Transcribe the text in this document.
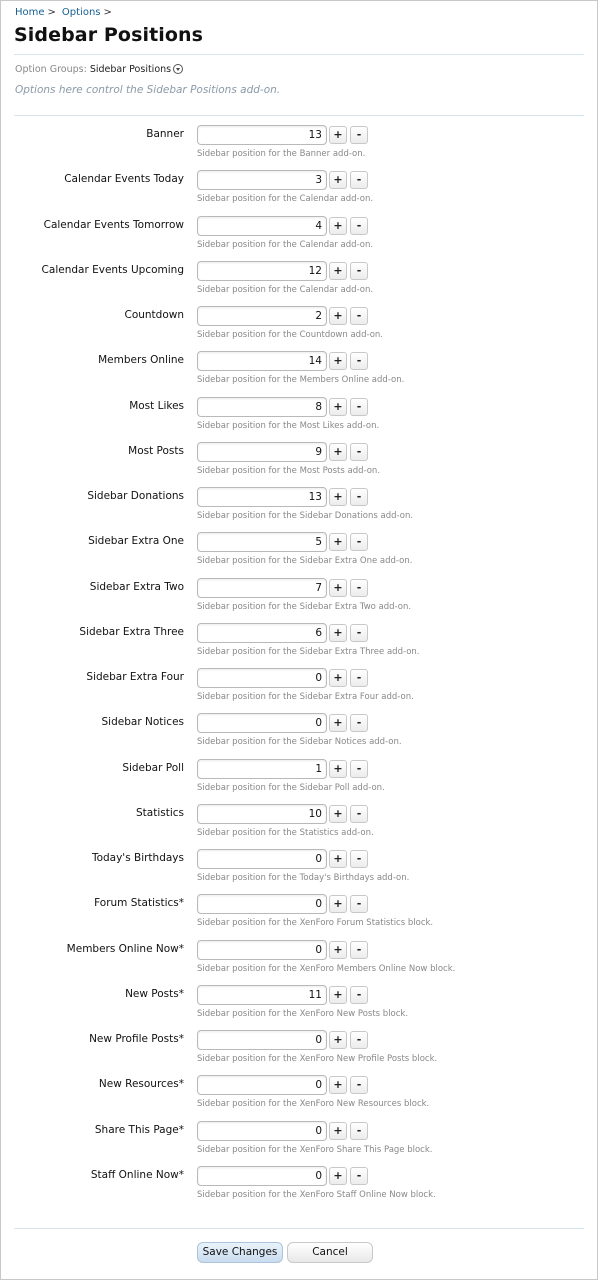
Home > Options >
Sidebar Positions
Option Groups: Sidebar Positions
Options here control the Sidebar Positions add-on.
Banner	13	+	-
Sidebar position for the Banner add-on.
Calendar Events Today	3	+	-
Sidebar position for the Calendar add-on.
Calendar Events Tomorrow	4	+	-
Sidebar position for the Calendar add-on.
Calendar Events Upcoming	12	+	-
Sidebar position for the Calendar add-on.
Countdown	2	+	-
Sidebar position for the Countdown add-on.
Members Online	14	+	-
Sidebar position for the Members Online add-on.
Most Likes	8	+	-
Sidebar position for the Most Likes add-on.
Most Posts	9	+	-
Sidebar position for the Most Posts add-on.
Sidebar Donations	13	+	-
Sidebar position for the Sidebar Donations add-on.
Sidebar Extra One	5	+	-
Sidebar position for the Sidebar Extra One add-on.
Sidebar Extra Two	7	+	-
Sidebar position for the Sidebar Extra Two add-on.
Sidebar Extra Three	6	+	-
Sidebar position for the Sidebar Extra Three add-on.
Sidebar Extra Four	0	+	-
Sidebar position for the Sidebar Extra Four add-on.
Sidebar Notices	0	+	-
Sidebar position for the Sidebar Notices add-on.
Sidebar Poll	1	+	-
Sidebar position for the Sidebar Poll add-on.
Statistics	10	+	-
Sidebar position for the Statistics add-on.
Today's Birthdays	0	+	-
Sidebar position for the Today's Birthdays add-on.
Forum Statistics*	0	+	-
Sidebar position for the XenForo Forum Statistics block.
Members Online Now*	0	+	-
Sidebar position for the XenForo Members Online Now block.
New Posts*	11	+	-
Sidebar position for the XenForo New Posts block.
New Profile Posts*	0	+	-
Sidebar position for the XenForo New Profile Posts block.
New Resources*	0	+	-
Sidebar position for the XenForo New Resources block.
Share This Page*	0	+	-
Sidebar position for the XenForo Share This Page block.
Staff Online Now*	0	+	-
Sidebar position for the XenForo Staff Online Now block.
Save Changes	Cancel
